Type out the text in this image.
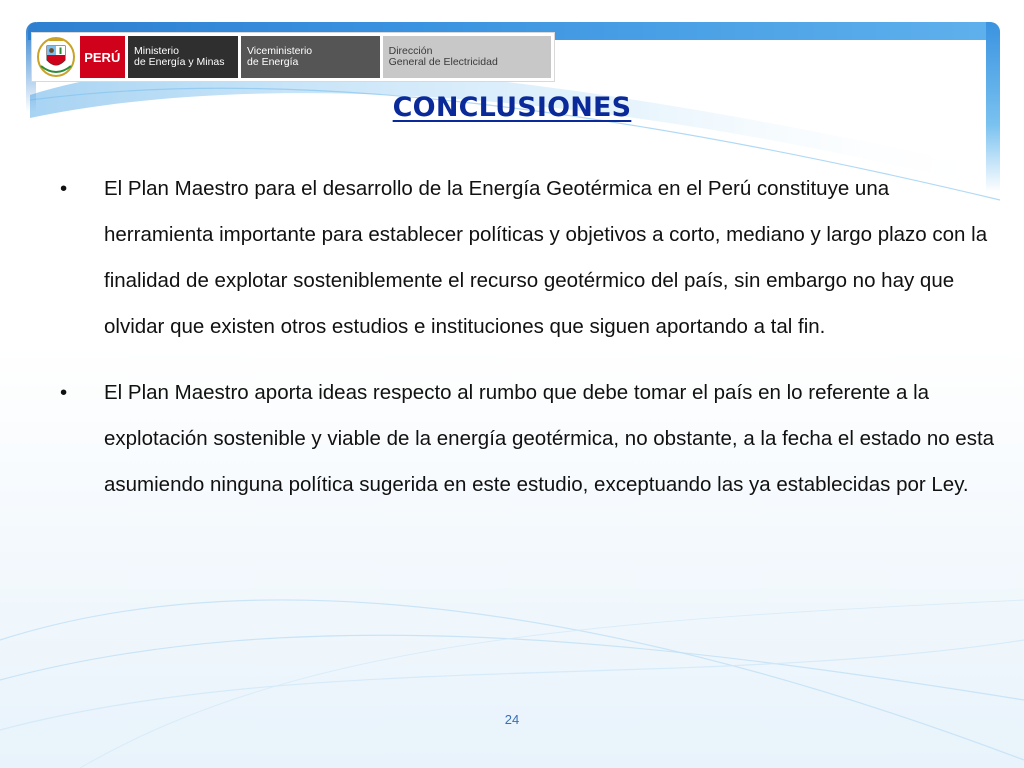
PERÚ	Ministerio
de Energía y Minas
Viceministerio
de Energía
Dirección
General de Electricidad
CONCLUSIONES
•	El Plan Maestro para el desarrollo de la Energía Geotérmica en el Perú constituye una herramienta importante para establecer políticas y objetivos a corto, mediano y largo plazo con la finalidad de explotar sosteniblemente el recurso geotérmico del país, sin embargo no hay que olvidar que existen otros estudios e instituciones que siguen aportando a tal fin.
•	El Plan Maestro aporta ideas respecto al rumbo que debe tomar el país en lo referente a la explotación sostenible y viable de la energía geotérmica, no obstante, a la fecha el estado no esta asumiendo ninguna política sugerida en este estudio, exceptuando las ya establecidas por Ley.
24
